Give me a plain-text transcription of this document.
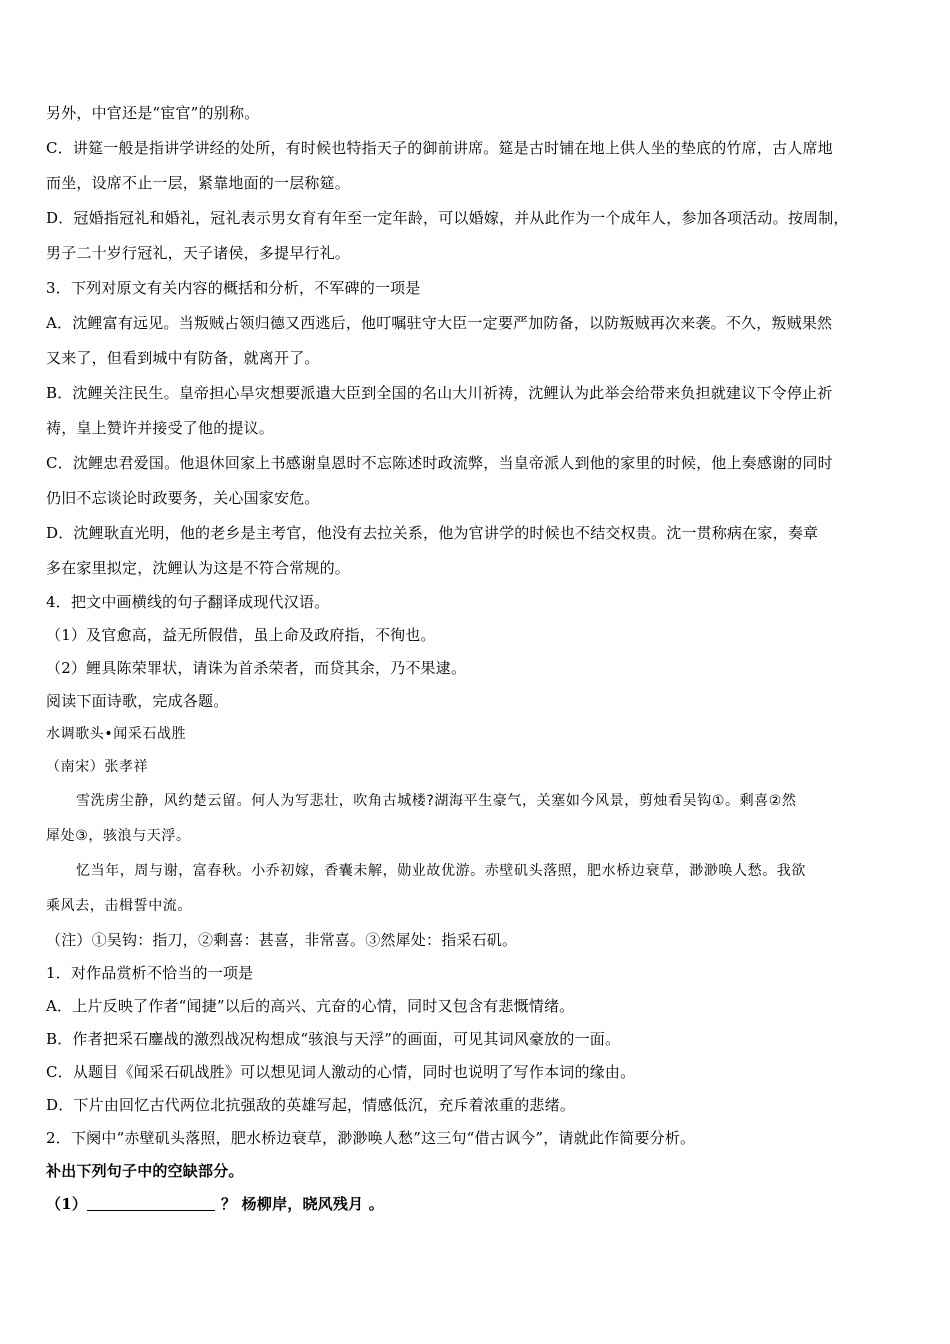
另外，中官还是“宦官”的别称。
C．讲筵一般是指讲学讲经的处所，有时候也特指天子的御前讲席。筵是古时铺在地上供人坐的垫底的竹席，古人席地
而坐，设席不止一层，紧靠地面的一层称筵。
D．冠婚指冠礼和婚礼，冠礼表示男女育有年至一定年龄，可以婚嫁，并从此作为一个成年人，参加各项活动。按周制，
男子二十岁行冠礼，天子诸侯，多提早行礼。
3．下列对原文有关内容的概括和分析，不军碑的一项是
A．沈鲤富有远见。当叛贼占领归德又西逃后，他叮嘱驻守大臣一定要严加防备，以防叛贼再次来袭。不久，叛贼果然
又来了，但看到城中有防备，就离开了。
B．沈鲤关注民生。皇帝担心旱灾想要派遣大臣到全国的名山大川祈祷，沈鲤认为此举会给带来负担就建议下令停止祈
祷，皇上赞许并接受了他的提议。
C．沈鲤忠君爱国。他退休回家上书感谢皇恩时不忘陈述时政流弊，当皇帝派人到他的家里的时候，他上奏感谢的同时
仍旧不忘谈论时政要务，关心国家安危。
D．沈鲤耿直光明，他的老乡是主考官，他没有去拉关系，他为官讲学的时候也不结交权贵。沈一贯称病在家，奏章
多在家里拟定，沈鲤认为这是不符合常规的。
4．把文中画横线的句子翻译成现代汉语。
（1）及官愈高，益无所假借，虽上命及政府指，不徇也。
（2）鲤具陈荣罪状，请诛为首杀荣者，而贷其余，乃不果逮。
阅读下面诗歌，完成各题。
水调歌头•闻采石战胜
（南宋）张孝祥
雪洗虏尘静，风约楚云留。何人为写悲壮，吹角古城楼?湖海平生豪气，关塞如今风景，剪烛看吴钩①。剩喜②然
犀处③，骇浪与天浮。
忆当年，周与谢，富春秋。小乔初嫁，香囊未解，勋业故优游。赤壁矶头落照，肥水桥边衰草，渺渺唤人愁。我欲
乘风去，击楫誓中流。
（注）①吴钩：指刀，②剩喜：甚喜，非常喜。③然犀处：指采石矶。
1．对作品赏析不恰当的一项是
A．上片反映了作者“闻捷”以后的高兴、亢奋的心情，同时又包含有悲慨情绪。
B．作者把采石鏖战的激烈战况构想成“骇浪与天浮”的画面，可见其词风豪放的一面。
C．从题目《闻采石矶战胜》可以想见词人激动的心情，同时也说明了写作本词的缘由。
D．下片由回忆古代两位北抗强敌的英雄写起，情感低沉，充斥着浓重的悲绪。
2．下阕中“赤壁矶头落照，肥水桥边衰草，渺渺唤人愁”这三句“借古讽今”，请就此作简要分析。
补出下列句子中的空缺部分。
（1）	？ 杨柳岸，晓风残月 。
